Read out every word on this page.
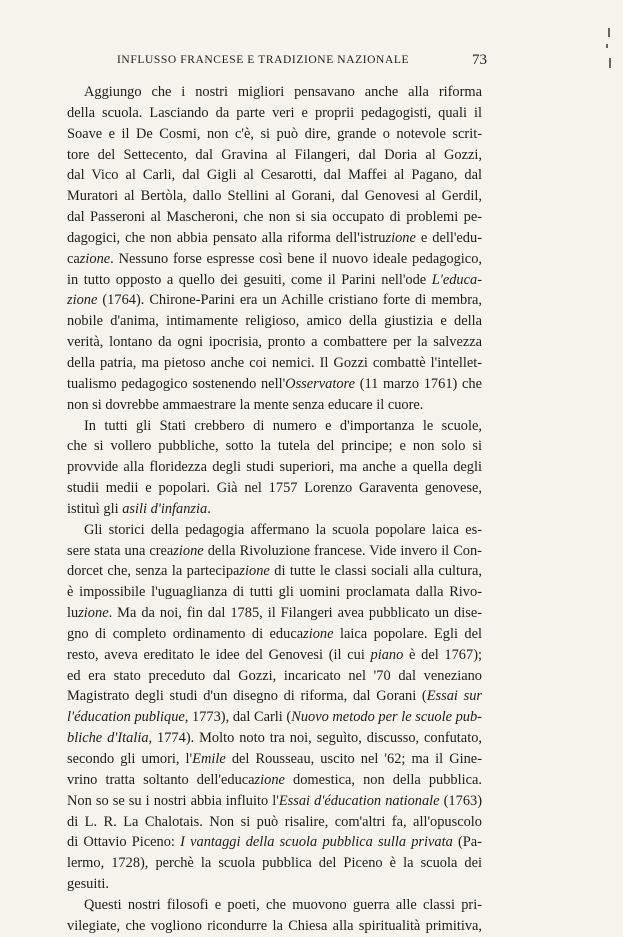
INFLUSSO FRANCESE E TRADIZIONE NAZIONALE	73
Aggiungo che i nostri migliori pensavano anche alla riforma
della scuola. Lasciando da parte veri e proprii pedagogisti, quali il
Soave e il De Cosmi, non c'è, si può dire, grande o notevole scrit-
tore del Settecento, dal Gravina al Filangeri, dal Doria al Gozzi,
dal Vico al Carli, dal Gigli al Cesarotti, dal Maffei al Pagano, dal
Muratori al Bertòla, dallo Stellini al Gorani, dal Genovesi al Gerdil,
dal Passeroni al Mascheroni, che non si sia occupato di problemi pe-
dagogici, che non abbia pensato alla riforma dell'istruzione e dell'edu-
cazione. Nessuno forse espresse così bene il nuovo ideale pedagogico,
in tutto opposto a quello dei gesuiti, come il Parini nell'ode L'educa-
zione (1764). Chirone-Parini era un Achille cristiano forte di membra,
nobile d'anima, intimamente religioso, amico della giustizia e della
verità, lontano da ogni ipocrisia, pronto a combattere per la salvezza
della patria, ma pietoso anche coi nemici. Il Gozzi combattè l'intellet-
tualismo pedagogico sostenendo nell'Osservatore (11 marzo 1761) che
non si dovrebbe ammaestrare la mente senza educare il cuore.
In tutti gli Stati crebbero di numero e d'importanza le scuole,
che si vollero pubbliche, sotto la tutela del principe; e non solo si
provvide alla floridezza degli studi superiori, ma anche a quella degli
studii medii e popolari. Già nel 1757 Lorenzo Garaventa genovese,
istituì gli asili d'infanzia.
Gli storici della pedagogia affermano la scuola popolare laica es-
sere stata una creazione della Rivoluzione francese. Vide invero il Con-
dorcet che, senza la partecipazione di tutte le classi sociali alla cultura,
è impossibile l'uguaglianza di tutti gli uomini proclamata dalla Rivo-
luzione. Ma da noi, fin dal 1785, il Filangeri avea pubblicato un dise-
gno di completo ordinamento di educazione laica popolare. Egli del
resto, aveva ereditato le idee del Genovesi (il cui piano è del 1767);
ed era stato preceduto dal Gozzi, incaricato nel '70 dal veneziano
Magistrato degli studi d'un disegno di riforma, dal Gorani (Essai sur
l'éducation publique, 1773), dal Carli (Nuovo metodo per le scuole pub-
bliche d'Italia, 1774). Molto noto tra noi, seguìto, discusso, confutato,
secondo gli umori, l'Emile del Rousseau, uscito nel '62; ma il Gine-
vrino tratta soltanto dell'educazione domestica, non della pubblica.
Non so se su i nostri abbia influito l'Essai d'éducation nationale (1763)
di L. R. La Chalotais. Non si può risalire, com'altri fa, all'opuscolo
di Ottavio Piceno: I vantaggi della scuola pubblica sulla privata (Pa-
lermo, 1728), perchè la scuola pubblica del Piceno è la scuola dei
gesuiti.
Questi nostri filosofi e poeti, che muovono guerra alle classi pri-
vilegiate, che vogliono ricondurre la Chiesa alla spiritualità primitiva,
